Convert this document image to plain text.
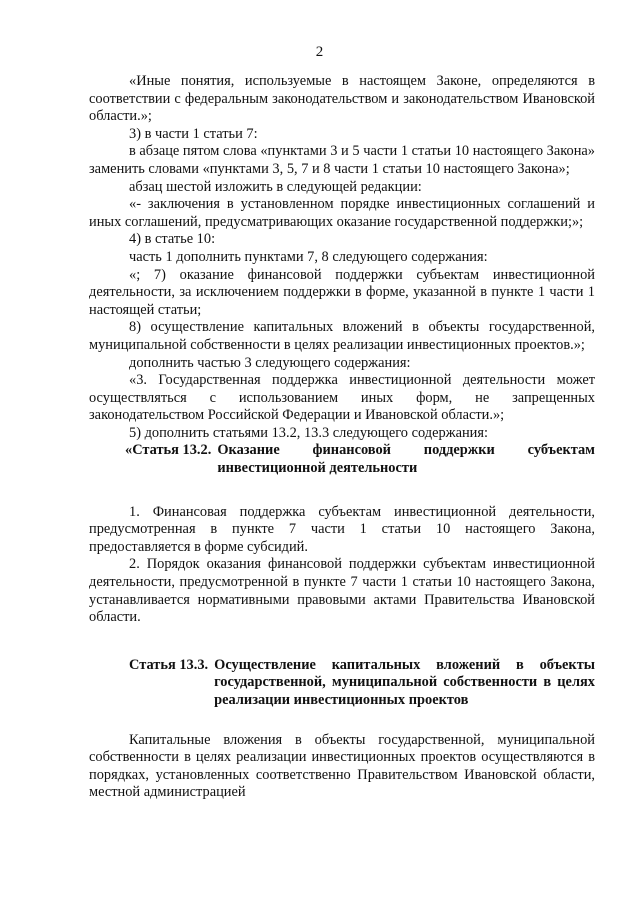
2

«Иные понятия, используемые в настоящем Законе, определяются в соответствии с федеральным законодательством и законодательством Ивановской области.»;

3) в части 1 статьи 7:

в абзаце пятом слова «пунктами 3 и 5 части 1 статьи 10 настоящего Закона» заменить словами «пунктами 3, 5, 7 и 8 части 1 статьи 10 настоящего Закона»;

абзац шестой изложить в следующей редакции:

«- заключения в установленном порядке инвестиционных соглашений и иных соглашений, предусматривающих оказание государственной поддержки;»;

4) в статье 10:

часть 1 дополнить пунктами 7, 8 следующего содержания:

«; 7) оказание финансовой поддержки субъектам инвестиционной деятельности, за исключением поддержки в форме, указанной в пункте 1 части 1 настоящей статьи;

8) осуществление капитальных вложений в объекты государственной, муниципальной собственности в целях реализации инвестиционных проектов.»;

дополнить частью 3 следующего содержания:

«3. Государственная поддержка инвестиционной деятельности может осуществляться с использованием иных форм, не запрещенных законодательством Российской Федерации и Ивановской области.»;

5) дополнить статьями 13.2, 13.3 следующего содержания:

«Статья 13.2. Оказание финансовой поддержки субъектам инвестиционной деятельности

1. Финансовая поддержка субъектам инвестиционной деятельности, предусмотренная в пункте 7 части 1 статьи 10 настоящего Закона, предоставляется в форме субсидий.

2. Порядок оказания финансовой поддержки субъектам инвестиционной деятельности, предусмотренной в пункте 7 части 1 статьи 10 настоящего Закона, устанавливается нормативными правовыми актами Правительства Ивановской области.

Статья 13.3. Осуществление капитальных вложений в объекты государственной, муниципальной собственности в целях реализации инвестиционных проектов

Капитальные вложения в объекты государственной, муниципальной собственности в целях реализации инвестиционных проектов осуществляются в порядках, установленных соответственно Правительством Ивановской области, местной администрацией
